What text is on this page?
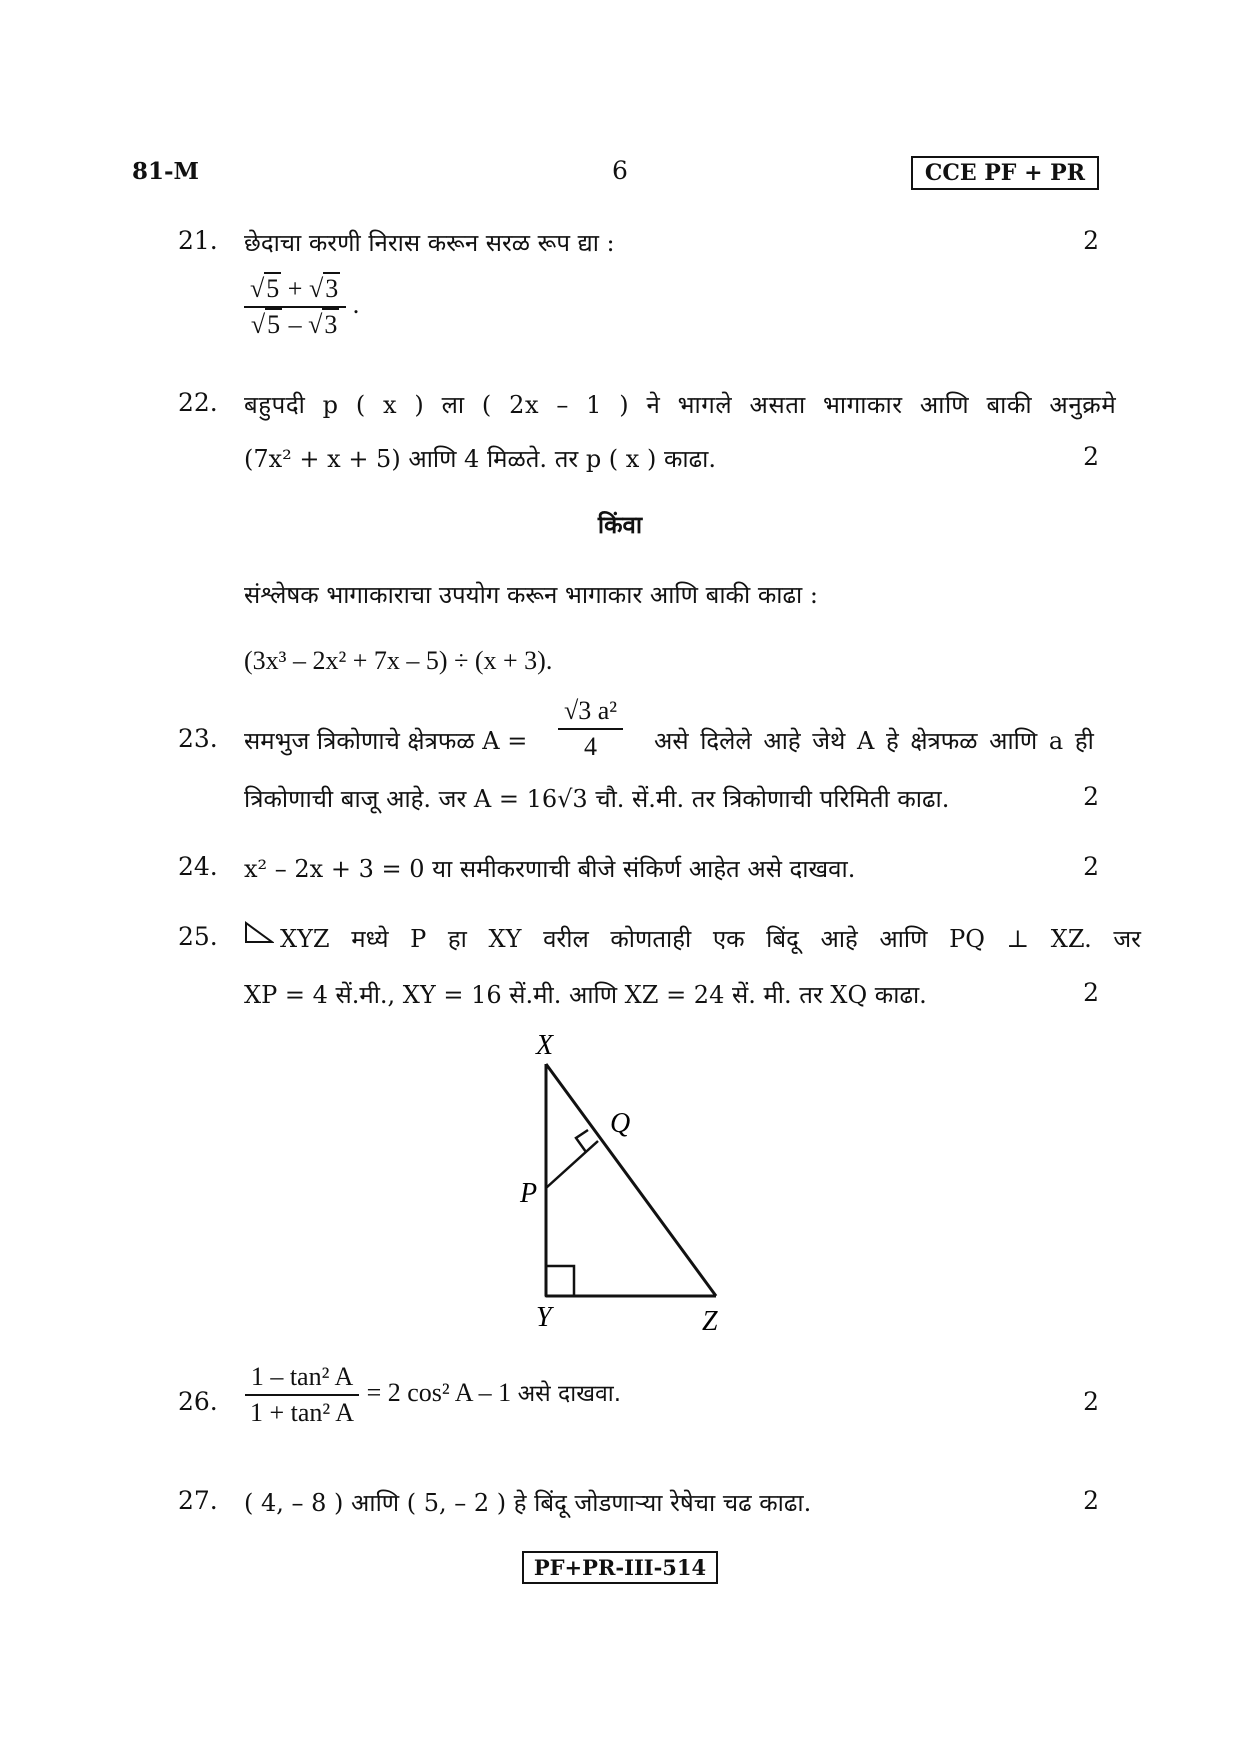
81-M	6	CCE PF + PR
21. छेदाचा करणी निरास करून सरळ रूप द्या :	2
$\frac{√5 + √3}{√5 - √3}$ .
22. बहुपदी p ( x ) ला ( 2x – 1 ) ने भागले असता भागाकार आणि बाकी अनुक्रमे
(7x² + x + 5) आणि 4 मिळते. तर p ( x ) काढा.	2
किंवा
संश्लेषक भागाकाराचा उपयोग करून भागाकार आणि बाकी काढा :
(3x³ – 2x² + 7x – 5) ÷ (x + 3).
23. समभुज त्रिकोणाचे क्षेत्रफळ $A = \frac{\text{√3 a²}}{4}$ असे दिलेले आहे जेथे A हे क्षेत्रफळ आणि a ही
त्रिकोणाची बाजू आहे. जर A = 16√3 चौ. सें.मी. तर त्रिकोणाची परिमिती काढा.	2
24. x² – 2x + 3 = 0 या समीकरणाची बीजे संकिर्ण आहेत असे दाखवा.	2
25.	XYZ मध्ये P हा XY वरील कोणताही एक बिंदू आहे आणि PQ ⊥ XZ. जर
XP = 4 सें.मी., XY = 16 सें.मी. आणि XZ = 24 सें. मी. तर XQ काढा.	2
X
Q
P
Y	Z
26. $\frac{\text{1 – tan² A}}{\text{1 + tan² A}} = 2$ cos² A – 1 असे दाखवा.	2
27. ( 4, – 8 ) आणि ( 5, – 2 ) हे बिंदू जोडणाऱ्या रेषेचा चढ काढा.	2
PF+PR-III-514
